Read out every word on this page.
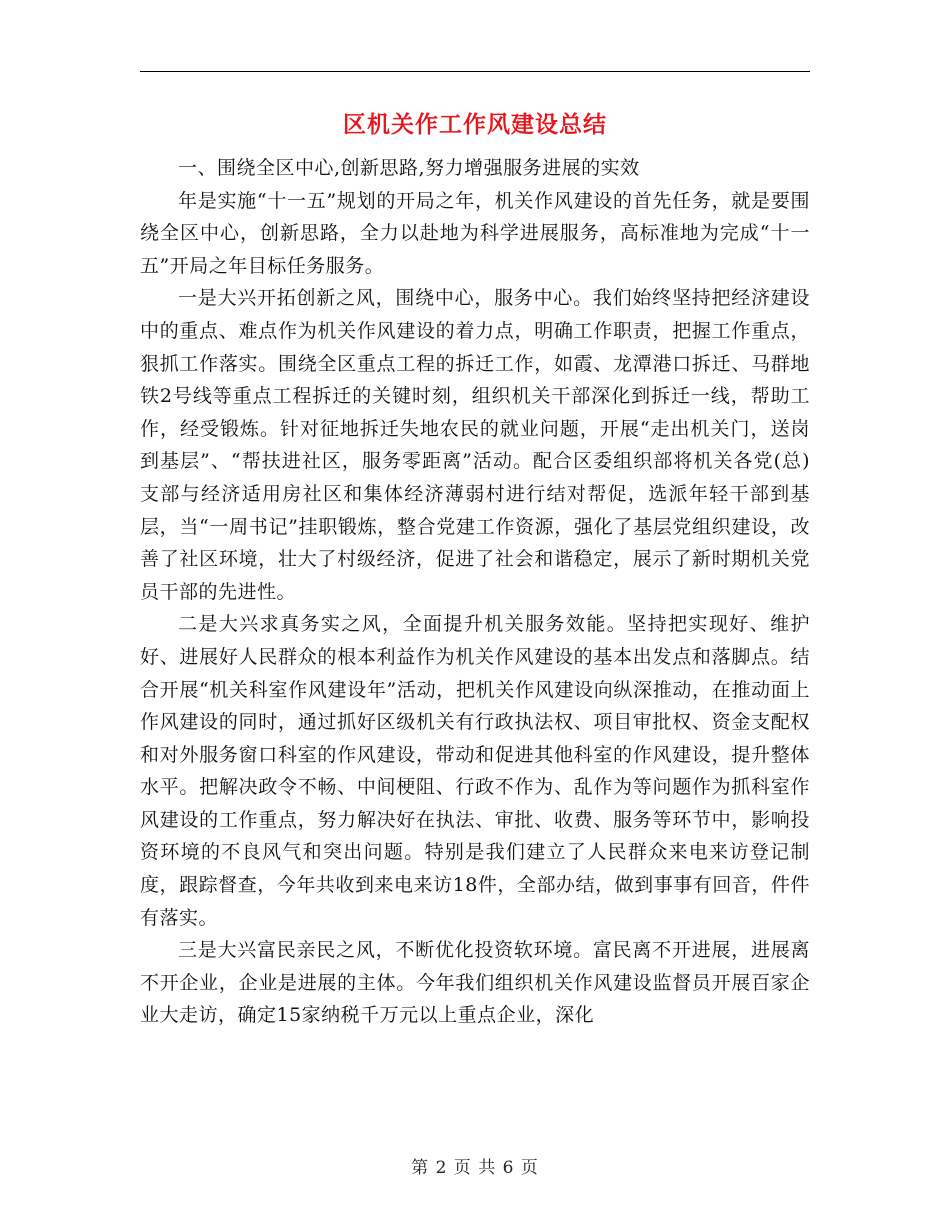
区机关作工作风建设总结

一、围绕全区中心,创新思路,努力增强服务进展的实效

年是实施“十一五”规划的开局之年，机关作风建设的首先任务，就是要围绕全区中心，创新思路，全力以赴地为科学进展服务，高标准地为完成“十一五”开局之年目标任务服务。

一是大兴开拓创新之风，围绕中心，服务中心。我们始终坚持把经济建设中的重点、难点作为机关作风建设的着力点，明确工作职责，把握工作重点，狠抓工作落实。围绕全区重点工程的拆迁工作，如霞、龙潭港口拆迁、马群地铁2号线等重点工程拆迁的关键时刻，组织机关干部深化到拆迁一线，帮助工作，经受锻炼。针对征地拆迁失地农民的就业问题，开展“走出机关门，送岗到基层”、“帮扶进社区，服务零距离”活动。配合区委组织部将机关各党(总)支部与经济适用房社区和集体经济薄弱村进行结对帮促，选派年轻干部到基层，当“一周书记”挂职锻炼，整合党建工作资源，强化了基层党组织建设，改善了社区环境，壮大了村级经济，促进了社会和谐稳定，展示了新时期机关党员干部的先进性。

二是大兴求真务实之风，全面提升机关服务效能。坚持把实现好、维护好、进展好人民群众的根本利益作为机关作风建设的基本出发点和落脚点。结合开展“机关科室作风建设年”活动，把机关作风建设向纵深推动，在推动面上作风建设的同时，通过抓好区级机关有行政执法权、项目审批权、资金支配权和对外服务窗口科室的作风建设，带动和促进其他科室的作风建设，提升整体水平。把解决政令不畅、中间梗阻、行政不作为、乱作为等问题作为抓科室作风建设的工作重点，努力解决好在执法、审批、收费、服务等环节中，影响投资环境的不良风气和突出问题。特别是我们建立了人民群众来电来访登记制度，跟踪督查，今年共收到来电来访18件，全部办结，做到事事有回音，件件有落实。

三是大兴富民亲民之风，不断优化投资软环境。富民离不开进展，进展离不开企业，企业是进展的主体。今年我们组织机关作风建设监督员开展百家企业大走访，确定15家纳税千万元以上重点企业，深化

第 2 页 共 6 页
